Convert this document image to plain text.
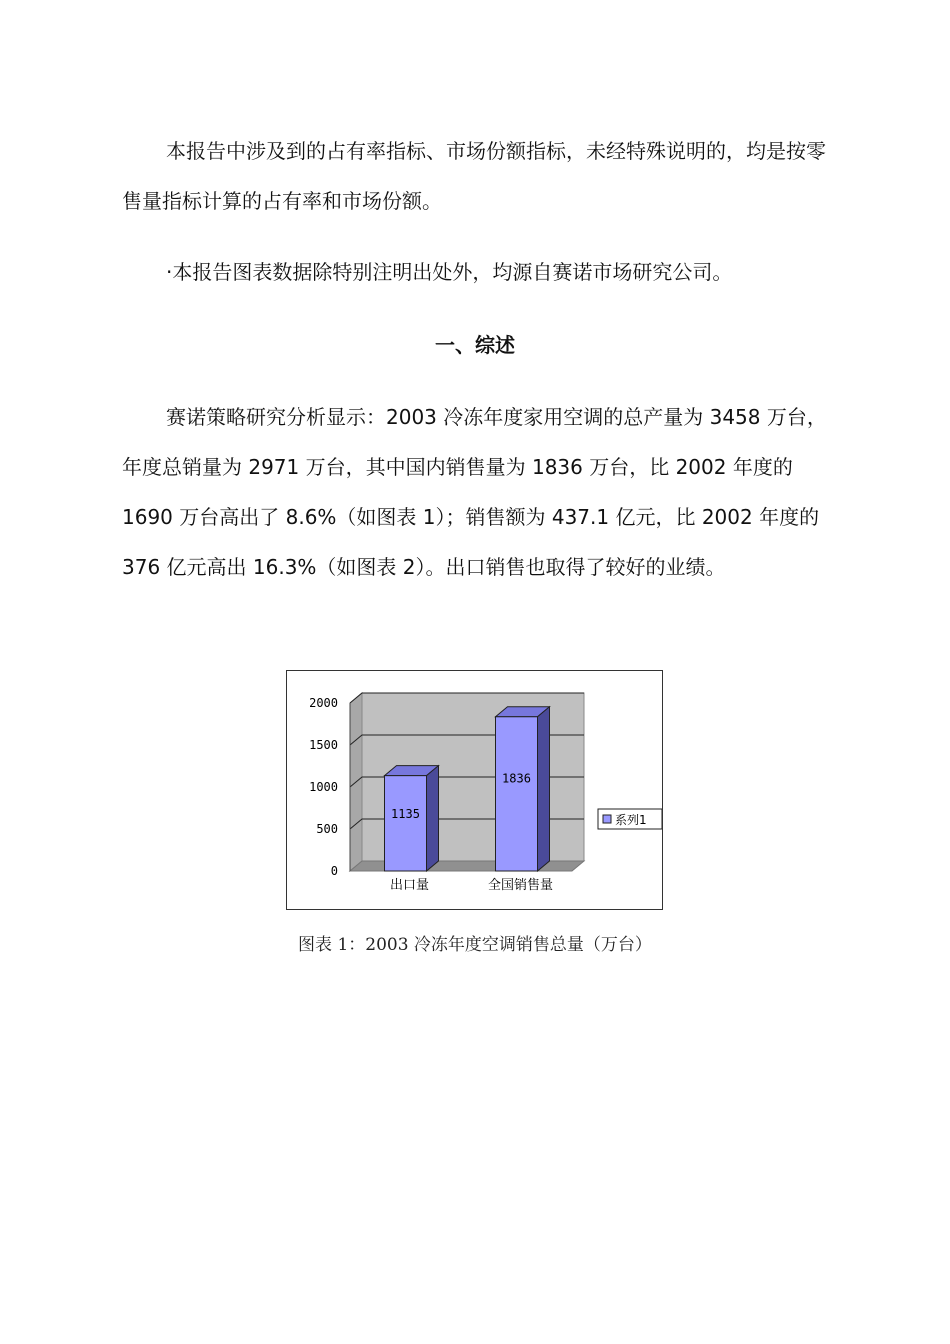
本报告中涉及到的占有率指标、市场份额指标，未经特殊说明的，均是按零售量指标计算的占有率和市场份额。

·本报告图表数据除特别注明出处外，均源自赛诺市场研究公司。

一、综述

赛诺策略研究分析显示：2003 冷冻年度家用空调的总产量为 3458 万台，年度总销量为 2971 万台，其中国内销售量为 1836 万台，比 2002 年度的 1690 万台高出了 8.6%（如图表 1）；销售额为 437.1 亿元，比 2002 年度的 376 亿元高出 16.3%（如图表 2）。出口销售也取得了较好的业绩。

0
500
1000
1500
2000
1135
出口量
1836
全国销售量
系列1

图表 1：2003 冷冻年度空调销售总量（万台）
